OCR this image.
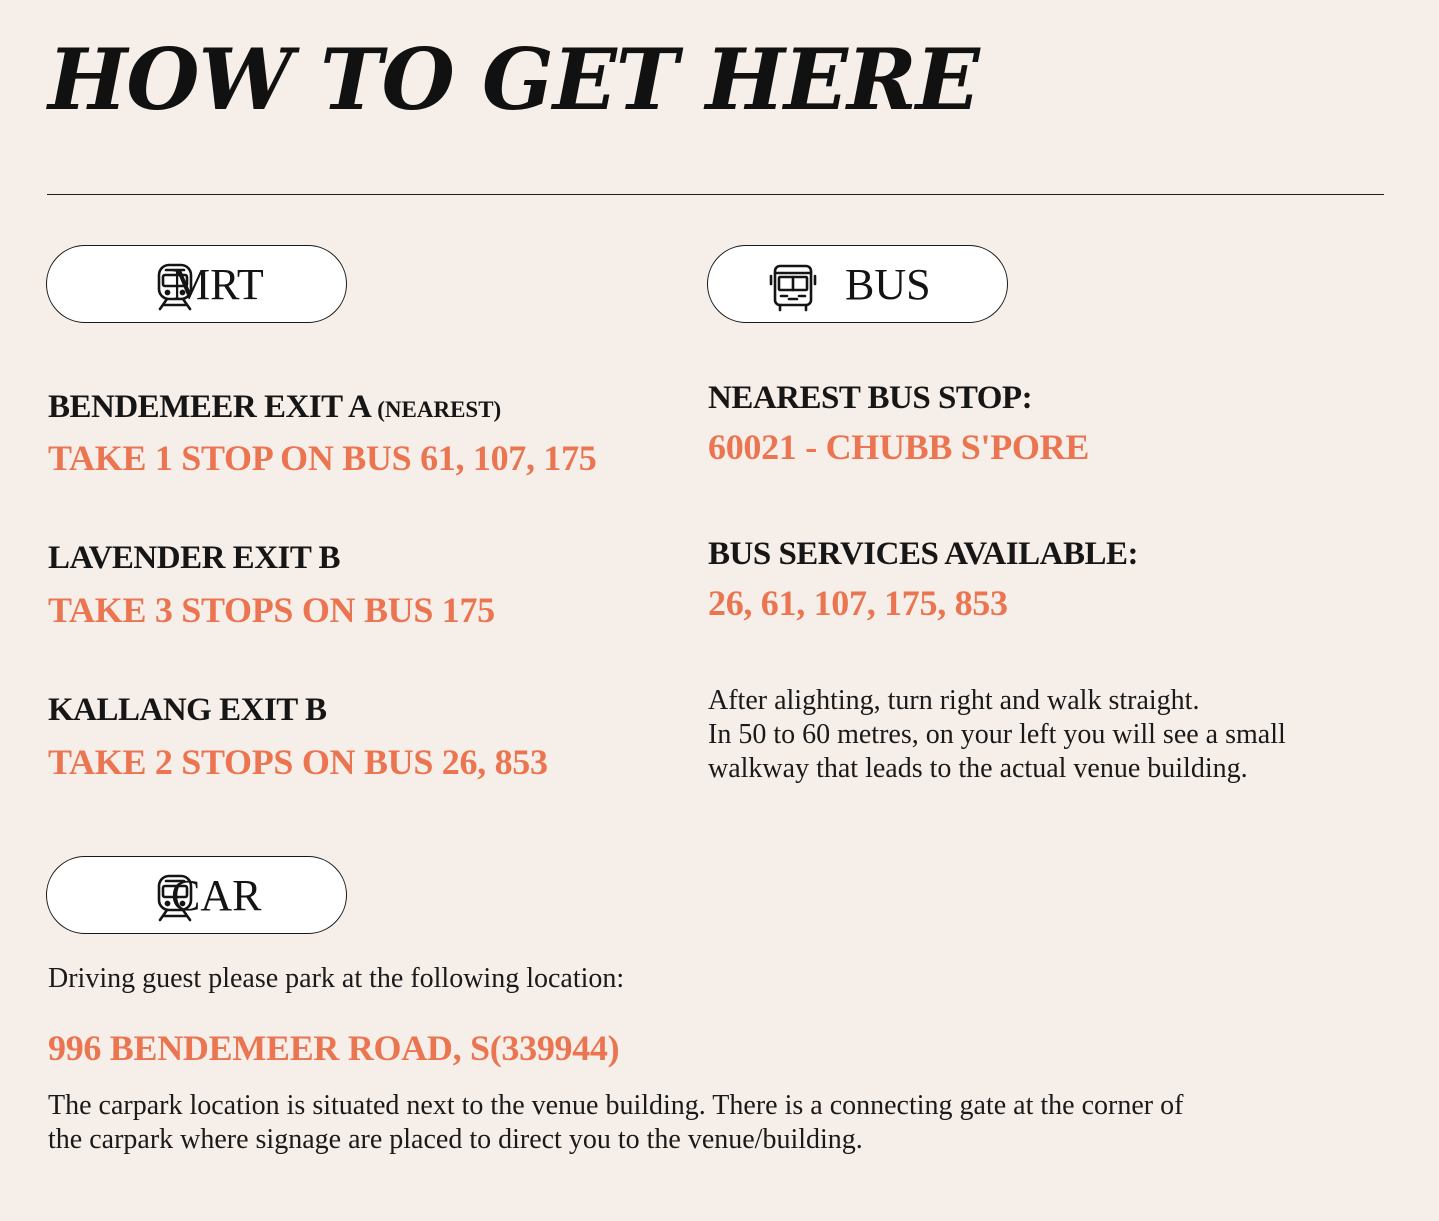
HOW TO GET HERE
MRT	BUS
BENDEMEER EXIT A (NEAREST)
TAKE 1 STOP ON BUS 61, 107, 175
LAVENDER EXIT B
TAKE 3 STOPS ON BUS 175
KALLANG EXIT B
TAKE 2 STOPS ON BUS 26, 853
NEAREST BUS STOP:
60021 - CHUBB S'PORE
BUS SERVICES AVAILABLE:
26, 61, 107, 175, 853
After alighting, turn right and walk straight.
In 50 to 60 metres, on your left you will see a small
walkway that leads to the actual venue building.
CAR
Driving guest please park at the following location:
996 BENDEMEER ROAD, S(339944)
The carpark location is situated next to the venue building. There is a connecting gate at the corner of
the carpark where signage are placed to direct you to the venue/building.
